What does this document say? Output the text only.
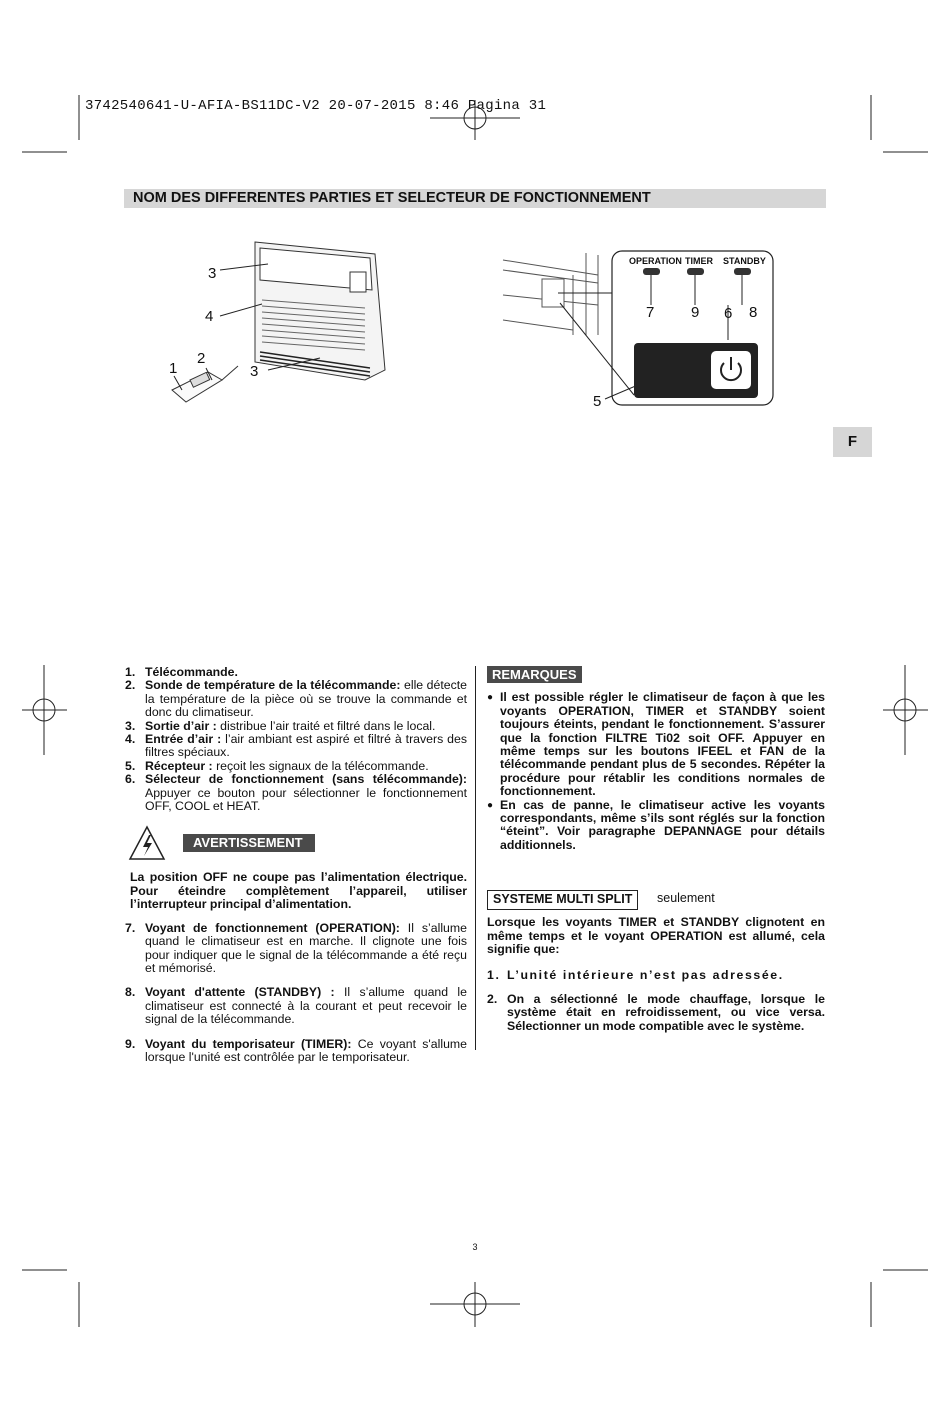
3742540641-U-AFIA-BS11DC-V2 20-07-2015 8:46 Pagina 31
NOM DES DIFFERENTES PARTIES ET SELECTEUR DE FONCTIONNEMENT
F
3
4
1
2
3
OPERATION TIMER STANDBY
7 9 6 8
5
1. Télécommande.
2. Sonde de température de la télécommande: elle détecte la température de la pièce où se trouve la commande et donc du climatiseur.
3. Sortie d’air : distribue l’air traité et filtré dans le local.
4. Entrée d’air : l’air ambiant est aspiré et filtré à travers des filtres spéciaux.
5. Récepteur : reçoit les signaux de la télécommande.
6. Sélecteur de fonctionnement (sans télécommande): Appuyer ce bouton pour sélectionner le fonctionnement OFF, COOL et HEAT.
AVERTISSEMENT
La position OFF ne coupe pas l’alimentation électrique. Pour éteindre complètement l’appareil, utiliser l’interrupteur principal d’alimentation.
7. Voyant de fonctionnement (OPERATION): Il s’allume quand le climatiseur est en marche. Il clignote une fois pour indiquer que le signal de la télécommande a été reçu et mémorisé.
8. Voyant d'attente (STANDBY) : Il s’allume quand le climatiseur est connecté à la courant et peut recevoir le signal de la télécommande.
9. Voyant du temporisateur (TIMER): Ce voyant s'allume lorsque l'unité est contrôlée par le temporisateur.
REMARQUES
● Il est possible régler le climatiseur de façon à que les voyants OPERATION, TIMER et STANDBY soient toujours éteints, pendant le fonctionnement. S’assurer que la fonction FILTRE Ti02 soit OFF. Appuyer en même temps sur les boutons IFEEL et FAN de la télécommande pendant plus de 5 secondes. Répéter la procédure pour rétablir les conditions normales de fonctionnement.
● En cas de panne, le climatiseur active les voyants correspondants, même s’ils sont réglés sur la fonction “éteint”. Voir paragraphe DEPANNAGE pour détails additionnels.
SYSTEME MULTI SPLIT seulement
Lorsque les voyants TIMER et STANDBY clignotent en même temps et le voyant OPERATION est allumé, cela signifie que:
1. L’unité intérieure n’est pas adressée.
2. On a sélectionné le mode chauffage, lorsque le système était en refroidissement, ou vice versa. Sélectionner un mode compatible avec le système.
3
